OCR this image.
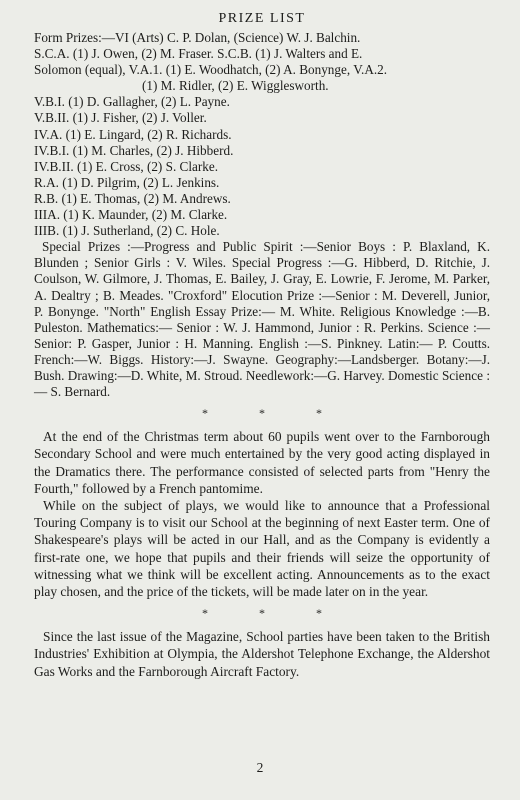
PRIZE LIST
Form Prizes:—VI (Arts) C. P. Dolan, (Science) W. J. Balchin.
S.C.A. (1) J. Owen, (2) M. Fraser. S.C.B. (1) J. Walters and E.
Solomon (equal), V.A.1. (1) E. Woodhatch, (2) A. Bonynge, V.A.2.
(1) M. Ridler, (2) E. Wigglesworth.
V.B.I. (1) D. Gallagher, (2) L. Payne.
V.B.II. (1) J. Fisher, (2) J. Voller.
IV.A. (1) E. Lingard, (2) R. Richards.
IV.B.I. (1) M. Charles, (2) J. Hibberd.
IV.B.II. (1) E. Cross, (2) S. Clarke.
R.A. (1) D. Pilgrim, (2) L. Jenkins.
R.B. (1) E. Thomas, (2) M. Andrews.
IIIA. (1) K. Maunder, (2) M. Clarke.
IIIB. (1) J. Sutherland, (2) C. Hole.

Special Prizes :—Progress and Public Spirit :—Senior Boys : P. Blaxland, K. Blunden ; Senior Girls : V. Wiles. Special Progress :—G. Hibberd, D. Ritchie, J. Coulson, W. Gilmore, J. Thomas, E. Bailey, J. Gray, E. Lowrie, F. Jerome, M. Parker, A. Dealtry ; B. Meades. "Croxford" Elocution Prize :—Senior : M. Deverell, Junior, P. Bonynge. "North" English Essay Prize:— M. White. Religious Knowledge :—B. Puleston. Mathematics:— Senior : W. J. Hammond, Junior : R. Perkins. Science :—Senior: P. Gasper, Junior : H. Manning. English :—S. Pinkney. Latin:— P. Coutts. French:—W. Biggs. History:—J. Swayne. Geography:—Landsberger. Botany:—J. Bush. Drawing:—D. White, M. Stroud. Needlework:—G. Harvey. Domestic Science :— S. Bernard.

* * *

At the end of the Christmas term about 60 pupils went over to the Farnborough Secondary School and were much entertained by the very good acting displayed in the Dramatics there. The performance consisted of selected parts from "Henry the Fourth," followed by a French pantomime.

While on the subject of plays, we would like to announce that a Professional Touring Company is to visit our School at the beginning of next Easter term. One of Shakespeare's plays will be acted in our Hall, and as the Company is evidently a first-rate one, we hope that pupils and their friends will seize the opportunity of witnessing what we think will be excellent acting. Announcements as to the exact play chosen, and the price of the tickets, will be made later on in the year.

* * *

Since the last issue of the Magazine, School parties have been taken to the British Industries' Exhibition at Olympia, the Aldershot Telephone Exchange, the Aldershot Gas Works and the Farnborough Aircraft Factory.

2
